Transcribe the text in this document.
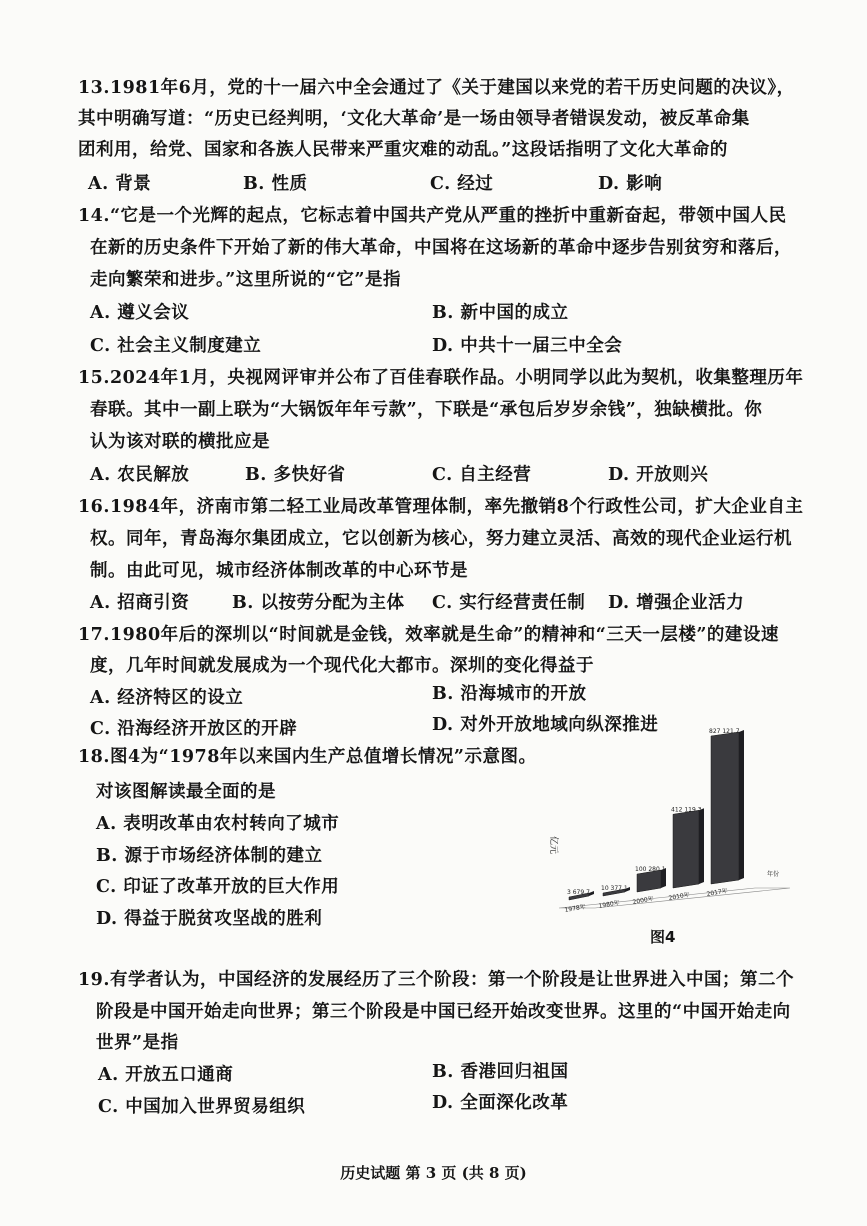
13.1981年6月，党的十一届六中全会通过了《关于建国以来党的若干历史问题的决议》，
其中明确写道：“历史已经判明，‘文化大革命’是一场由领导者错误发动，被反革命集
团利用，给党、国家和各族人民带来严重灾难的动乱。”这段话指明了文化大革命的
A. 背景	B. 性质	C. 经过	D. 影响
14.“它是一个光辉的起点，它标志着中国共产党从严重的挫折中重新奋起，带领中国人民
在新的历史条件下开始了新的伟大革命，中国将在这场新的革命中逐步告别贫穷和落后，
走向繁荣和进步。”这里所说的“它”是指
A. 遵义会议	B. 新中国的成立
C. 社会主义制度建立	D. 中共十一届三中全会
15.2024年1月，央视网评审并公布了百佳春联作品。小明同学以此为契机，收集整理历年
春联。其中一副上联为“大锅饭年年亏款”，下联是“承包后岁岁余钱”，独缺横批。你
认为该对联的横批应是
A. 农民解放	B. 多快好省	C. 自主经营	D. 开放则兴
16.1984年，济南市第二轻工业局改革管理体制，率先撤销8个行政性公司，扩大企业自主
权。同年，青岛海尔集团成立，它以创新为核心，努力建立灵活、高效的现代企业运行机
制。由此可见，城市经济体制改革的中心环节是
A. 招商引资 B. 以按劳分配为主体 C. 实行经营责任制 D. 增强企业活力
17.1980年后的深圳以“时间就是金钱，效率就是生命”的精神和“三天一层楼”的建设速
度，几年时间就发展成为一个现代化大都市。深圳的变化得益于
A. 经济特区的设立	B. 沿海城市的开放
C. 沿海经济开放区的开辟	D. 对外开放地域向纵深推进
18.图4为“1978年以来国内生产总值增长情况”示意图。
对该图解读最全面的是
A. 表明改革由农村转向了城市
B. 源于市场经济体制的建立
C. 印证了改革开放的巨大作用
D. 得益于脱贫攻坚战的胜利
3 679.7
1978年
10 377.1
1980年
100 280.1
2000年
412 119.3
2010年
827 121.7
2017年
年份
亿元
图4
19.有学者认为，中国经济的发展经历了三个阶段：第一个阶段是让世界进入中国；第二个
阶段是中国开始走向世界；第三个阶段是中国已经开始改变世界。这里的“中国开始走向
世界”是指
A. 开放五口通商	B. 香港回归祖国
C. 中国加入世界贸易组织	D. 全面深化改革
历史试题 第 3 页 (共 8 页)
